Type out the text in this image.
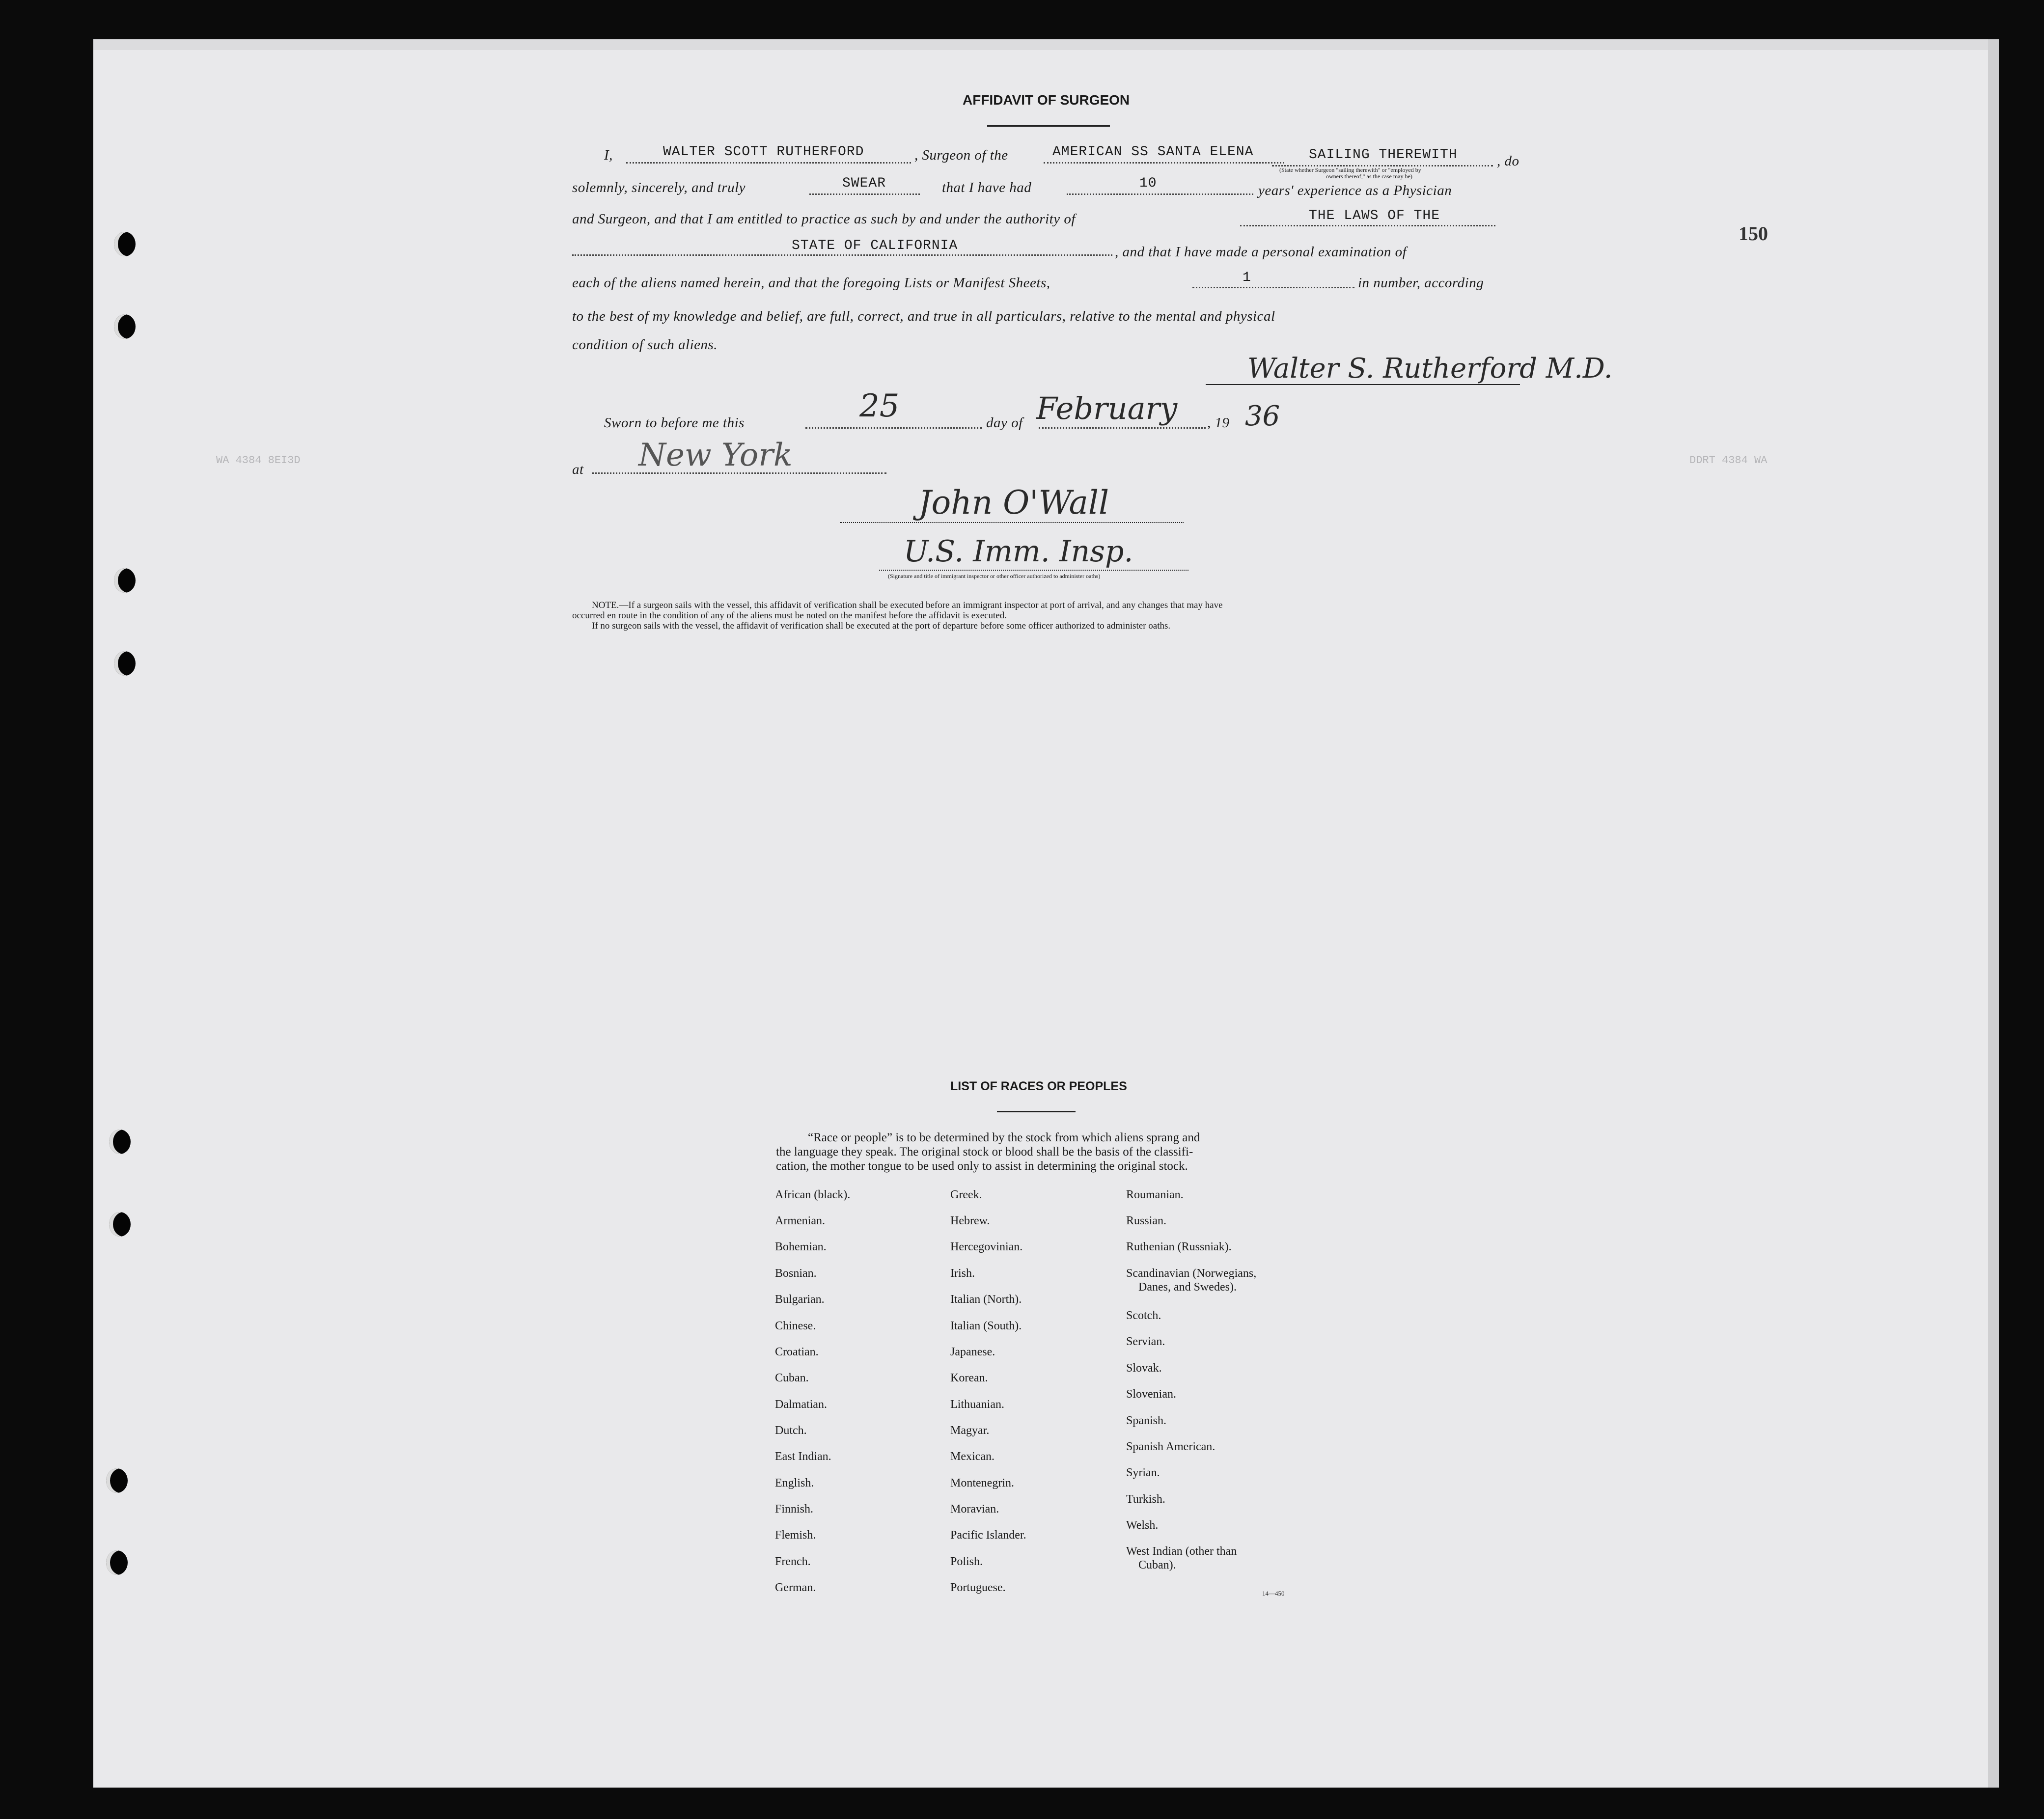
WA 4384 8EI3D	DDRT 4384 WA
AFFIDAVIT OF SURGEON
I,	WALTER SCOTT RUTHERFORD	, Surgeon of the	AMERICAN SS SANTA ELENA	SAILING THEREWITH	, do
(State whether Surgeon "sailing therewith" or "employed by
owners thereof," as the case may be)
solemnly, sincerely, and truly	SWEAR	that I have had	10	years' experience as a Physician
and Surgeon, and that I am entitled to practice as such by and under the authority of	THE LAWS OF THE
STATE OF CALIFORNIA	, and that I have made a personal examination of
150
each of the aliens named herein, and that the foregoing Lists or Manifest Sheets,	1	in number, according
to the best of my knowledge and belief, are full, correct, and true in all particulars, relative to the mental and physical
condition of such aliens.
Walter S. Rutherford M.D.
Sworn to before me this	25	day of February , 19 36
at New York
John O'Wall
U.S. Imm. Insp.
(Signature and title of immigrant inspector or other officer authorized to administer oaths)
NOTE.—If a surgeon sails with the vessel, this affidavit of verification shall be executed before an immigrant inspector at port of arrival, and any changes that may have
occurred en route in the condition of any of the aliens must be noted on the manifest before the affidavit is executed.
If no surgeon sails with the vessel, the affidavit of verification shall be executed at the port of departure before some officer authorized to administer oaths.
LIST OF RACES OR PEOPLES
“Race or people” is to be determined by the stock from which aliens sprang and
the language they speak. The original stock or blood shall be the basis of the classifi-
cation, the mother tongue to be used only to assist in determining the original stock.
African (black).
Armenian.
Bohemian.
Bosnian.
Bulgarian.
Chinese.
Croatian.
Cuban.
Dalmatian.
Dutch.
East Indian.
English.
Finnish.
Flemish.
French.
German.
Greek.
Hebrew.
Hercegovinian.
Irish.
Italian (North).
Italian (South).
Japanese.
Korean.
Lithuanian.
Magyar.
Mexican.
Montenegrin.
Moravian.
Pacific Islander.
Polish.
Portuguese.
Roumanian.
Russian.
Ruthenian (Russniak).
Scandinavian (Norwegians,
Danes, and Swedes).
Scotch.
Servian.
Slovak.
Slovenian.
Spanish.
Spanish American.
Syrian.
Turkish.
Welsh.
West Indian (other than
Cuban).
14—450
